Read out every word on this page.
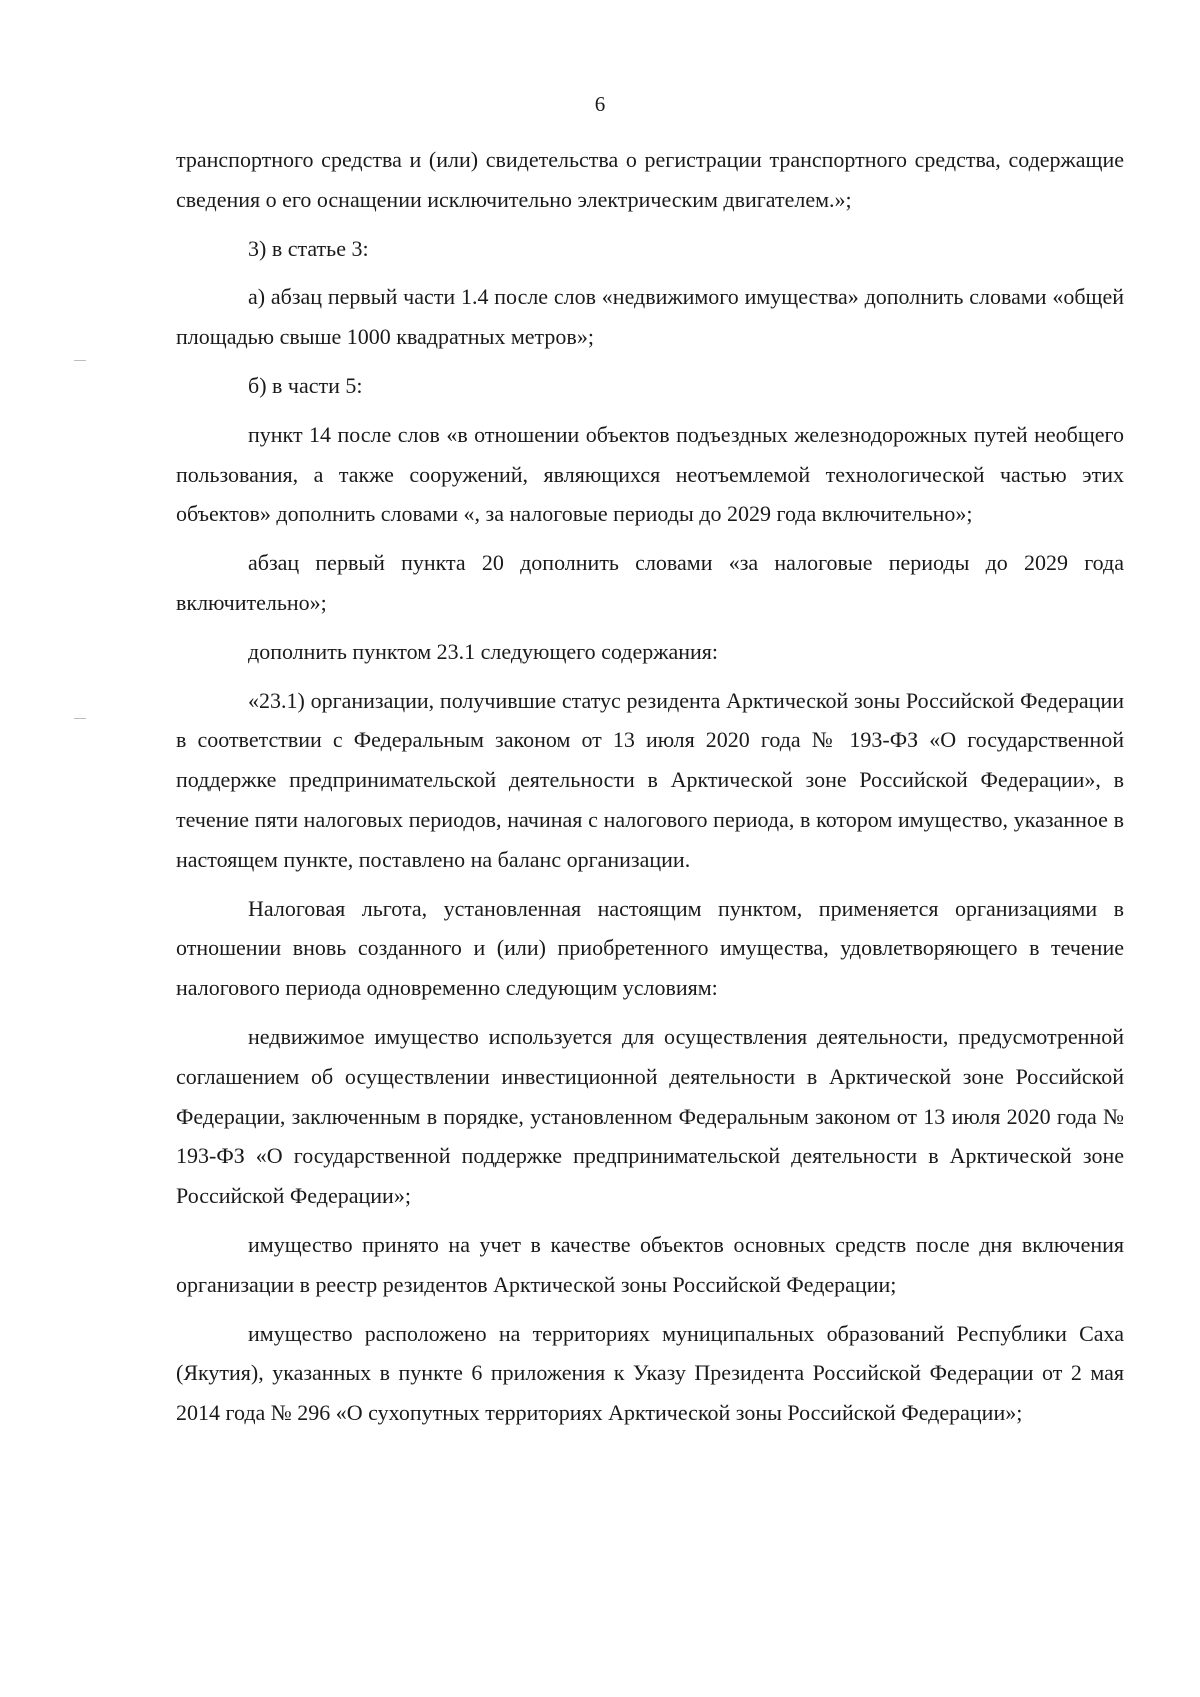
6

транспортного средства и (или) свидетельства о регистрации транспортного средства, содержащие сведения о его оснащении исключительно электрическим двигателем.»;

3) в статье 3:

а) абзац первый части 1.4 после слов «недвижимого имущества» дополнить словами «общей площадью свыше 1000 квадратных метров»;

б) в части 5:

пункт 14 после слов «в отношении объектов подъездных железнодорожных путей необщего пользования, а также сооружений, являющихся неотъемлемой технологической частью этих объектов» дополнить словами «, за налоговые периоды до 2029 года включительно»;

абзац первый пункта 20 дополнить словами «за налоговые периоды до 2029 года включительно»;

дополнить пунктом 23.1 следующего содержания:

«23.1) организации, получившие статус резидента Арктической зоны Российской Федерации в соответствии с Федеральным законом от 13 июля 2020 года № 193-ФЗ «О государственной поддержке предпринимательской деятельности в Арктической зоне Российской Федерации», в течение пяти налоговых периодов, начиная с налогового периода, в котором имущество, указанное в настоящем пункте, поставлено на баланс организации.

Налоговая льгота, установленная настоящим пунктом, применяется организациями в отношении вновь созданного и (или) приобретенного имущества, удовлетворяющего в течение налогового периода одновременно следующим условиям:

недвижимое имущество используется для осуществления деятельности, предусмотренной соглашением об осуществлении инвестиционной деятельности в Арктической зоне Российской Федерации, заключенным в порядке, установленном Федеральным законом от 13 июля 2020 года № 193-ФЗ «О государственной поддержке предпринимательской деятельности в Арктической зоне Российской Федерации»;

имущество принято на учет в качестве объектов основных средств после дня включения организации в реестр резидентов Арктической зоны Российской Федерации;

имущество расположено на территориях муниципальных образований Республики Саха (Якутия), указанных в пункте 6 приложения к Указу Президента Российской Федерации от 2 мая 2014 года № 296 «О сухопутных территориях Арктической зоны Российской Федерации»;
